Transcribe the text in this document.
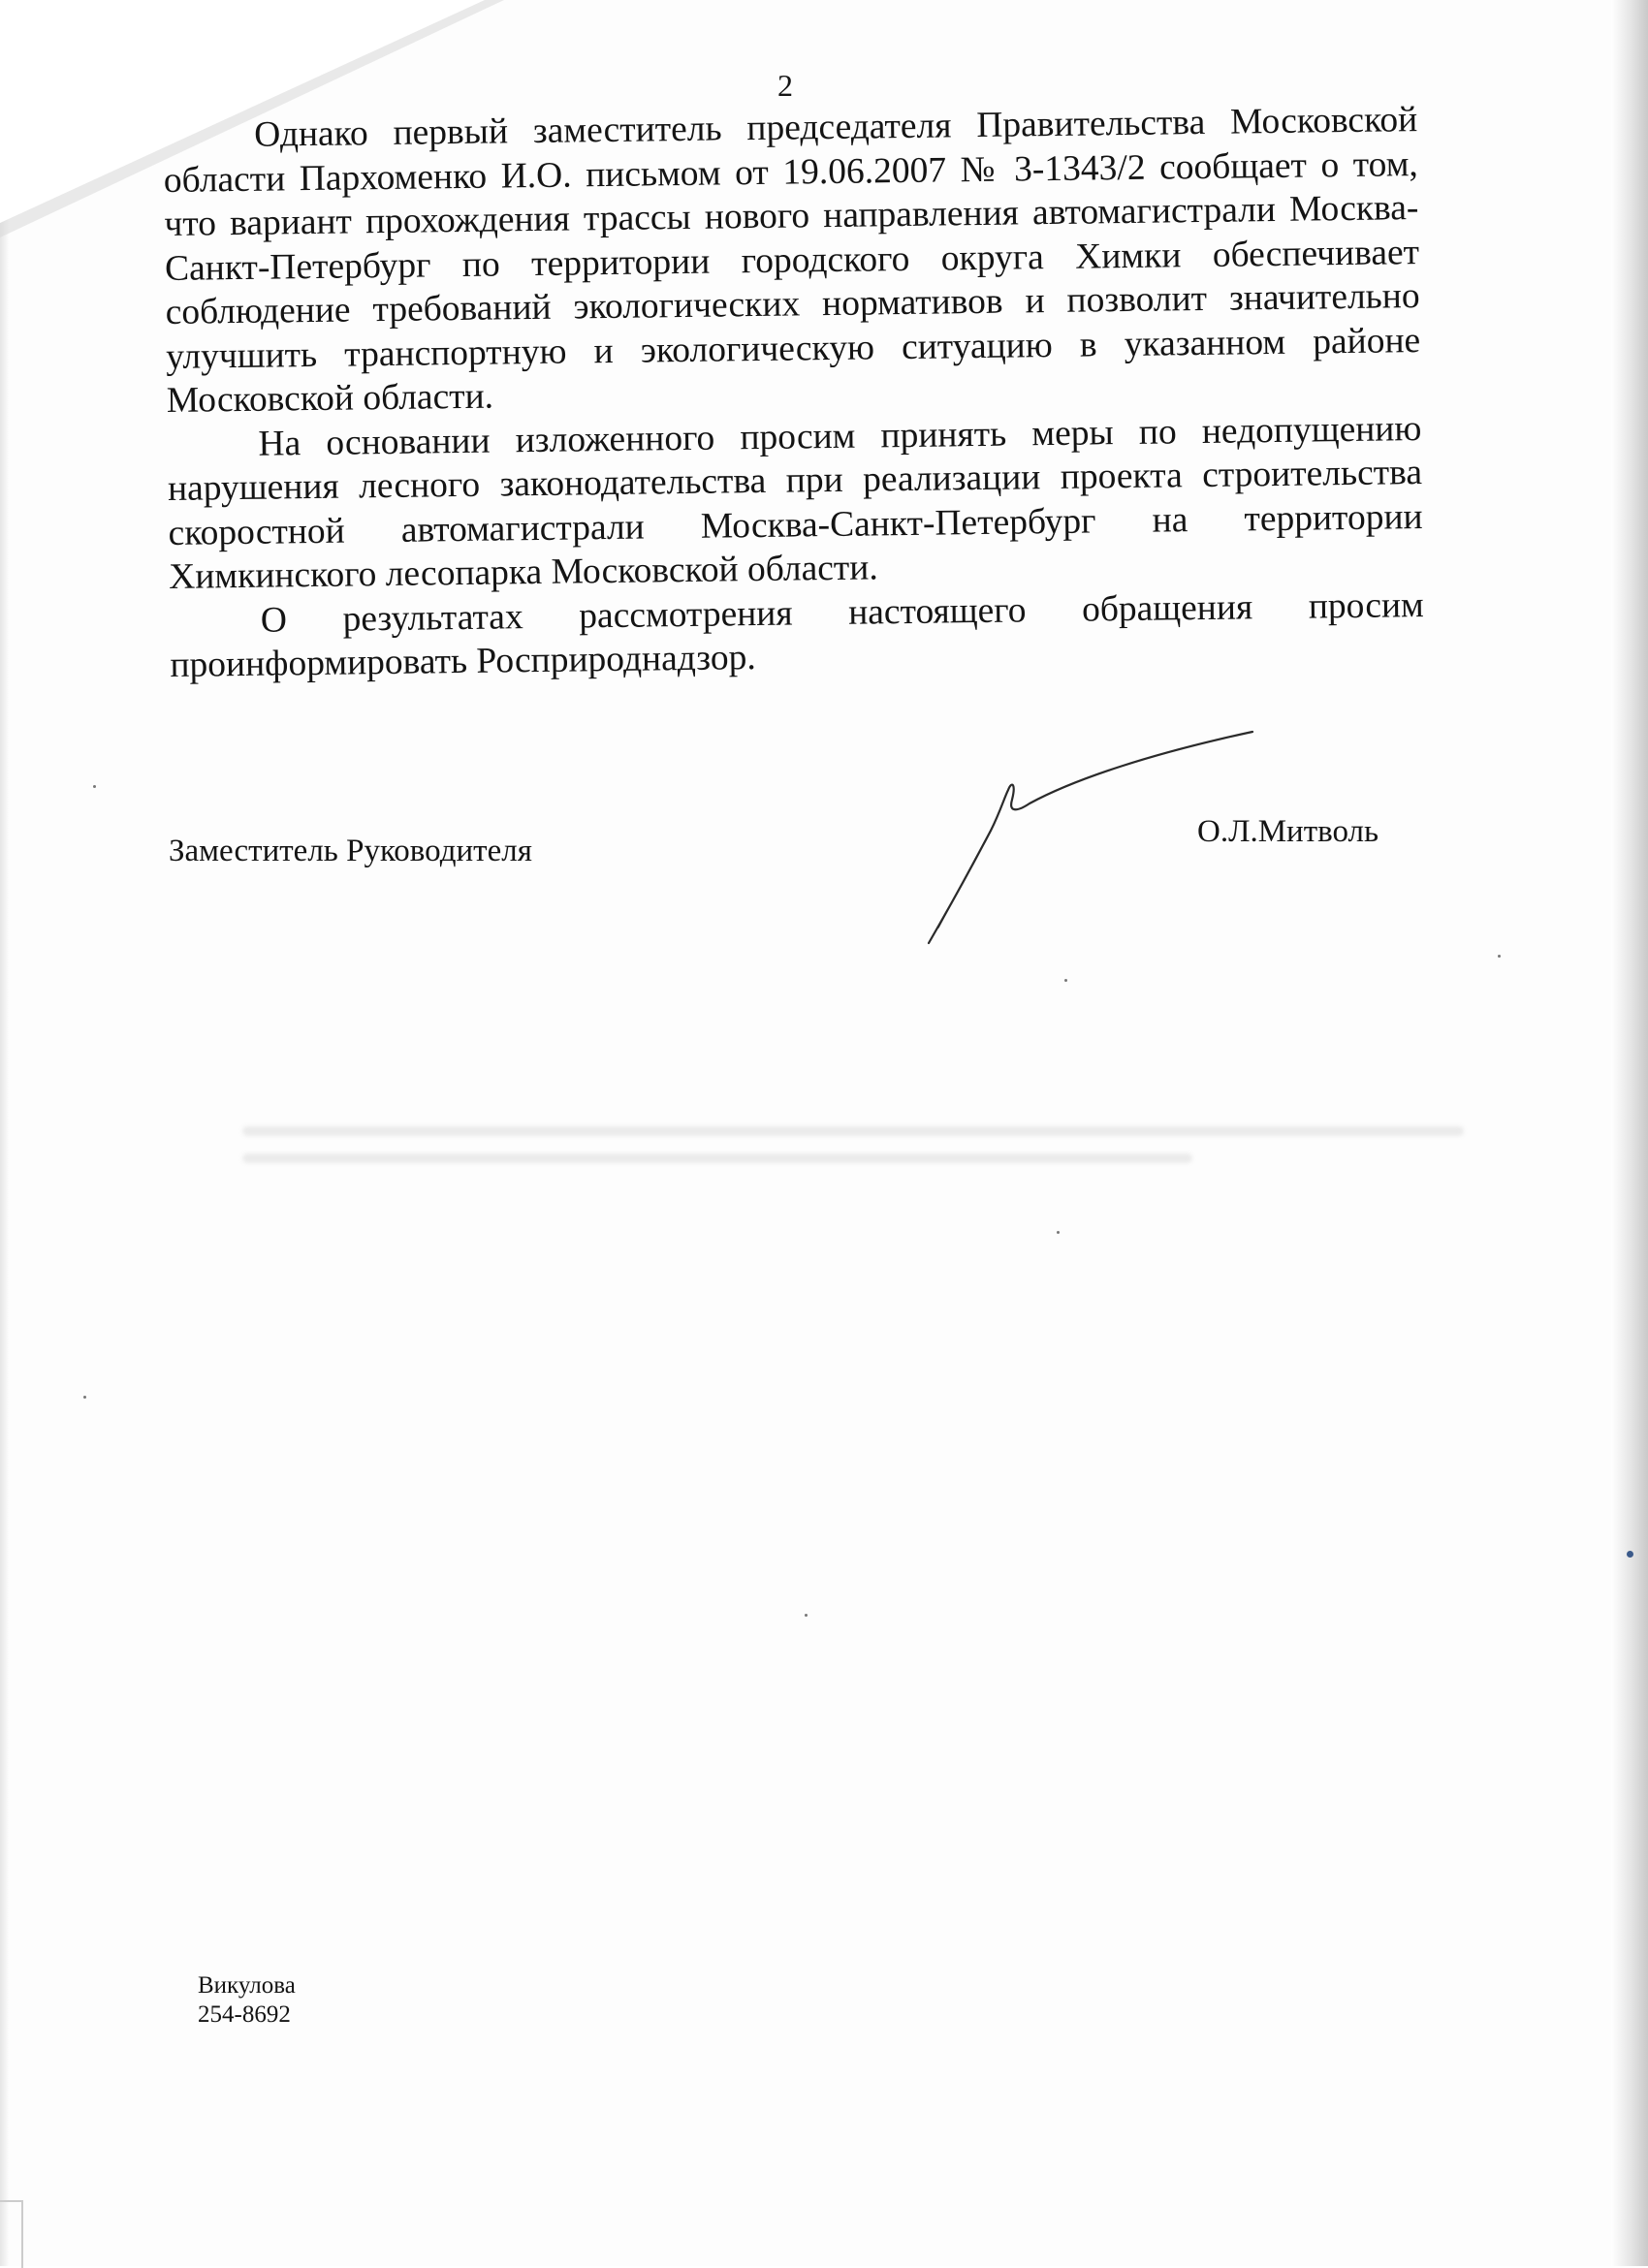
2

Однако первый заместитель председателя Правительства Московской области Пархоменко И.О. письмом от 19.06.2007 № 3-1343/2 сообщает о том, что вариант прохождения трассы нового направления автомагистрали Москва-Санкт-Петербург по территории городского округа Химки обеспечивает соблюдение требований экологических нормативов и позволит значительно улучшить транспортную и экологическую ситуацию в указанном районе Московской области.

На основании изложенного просим принять меры по недопущению нарушения лесного законодательства при реализации проекта строительства скоростной автомагистрали Москва-Санкт-Петербург на территории Химкинского лесопарка Московской области.

О результатах рассмотрения настоящего обращения просим проинформировать Росприроднадзор.

Заместитель Руководителя
О.Л.Митволь
Викулова
254-8692
